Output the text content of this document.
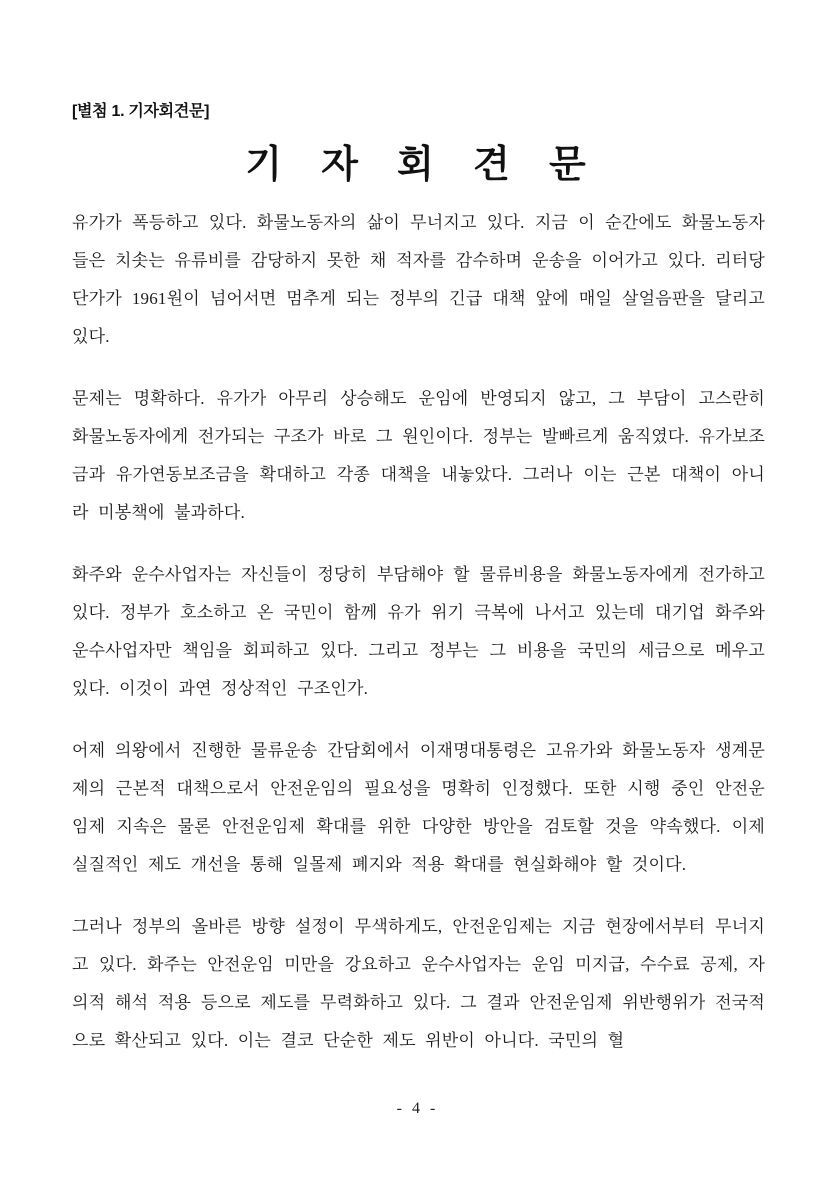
[별첨 1. 기자회견문]
기 자 회 견 문

유가가 폭등하고 있다. 화물노동자의 삶이 무너지고 있다. 지금 이 순간에도 화물노동자들은 치솟는 유류비를 감당하지 못한 채 적자를 감수하며 운송을 이어가고 있다. 리터당 단가가 1961원이 넘어서면 멈추게 되는 정부의 긴급 대책 앞에 매일 살얼음판을 달리고 있다.

문제는 명확하다. 유가가 아무리 상승해도 운임에 반영되지 않고, 그 부담이 고스란히 화물노동자에게 전가되는 구조가 바로 그 원인이다. 정부는 발빠르게 움직였다. 유가보조금과 유가연동보조금을 확대하고 각종 대책을 내놓았다. 그러나 이는 근본 대책이 아니라 미봉책에 불과하다.

화주와 운수사업자는 자신들이 정당히 부담해야 할 물류비용을 화물노동자에게 전가하고 있다. 정부가 호소하고 온 국민이 함께 유가 위기 극복에 나서고 있는데 대기업 화주와 운수사업자만 책임을 회피하고 있다. 그리고 정부는 그 비용을 국민의 세금으로 메우고 있다. 이것이 과연 정상적인 구조인가.

어제 의왕에서 진행한 물류운송 간담회에서 이재명대통령은 고유가와 화물노동자 생계문제의 근본적 대책으로서 안전운임의 필요성을 명확히 인정했다. 또한 시행 중인 안전운임제 지속은 물론 안전운임제 확대를 위한 다양한 방안을 검토할 것을 약속했다. 이제 실질적인 제도 개선을 통해 일몰제 폐지와 적용 확대를 현실화해야 할 것이다.

그러나 정부의 올바른 방향 설정이 무색하게도, 안전운임제는 지금 현장에서부터 무너지고 있다. 화주는 안전운임 미만을 강요하고 운수사업자는 운임 미지급, 수수료 공제, 자의적 해석 적용 등으로 제도를 무력화하고 있다. 그 결과 안전운임제 위반행위가 전국적으로 확산되고 있다. 이는 결코 단순한 제도 위반이 아니다. 국민의 혈

- 4 -
